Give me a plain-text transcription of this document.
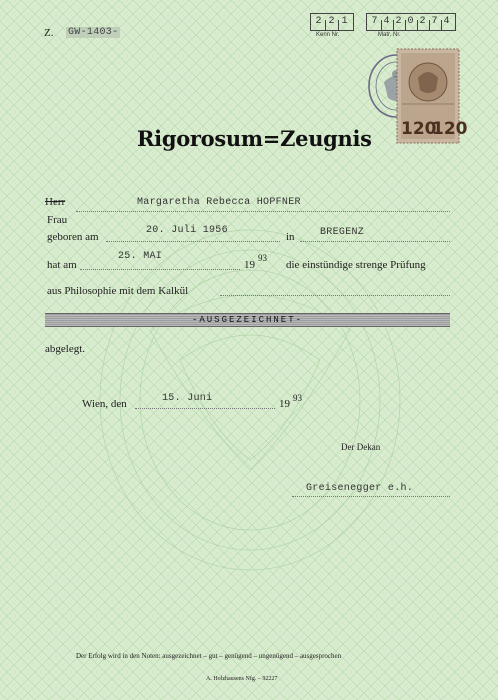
Z. GW-1403-
2 2 1
Kenn Nr.
7 4 2 0 2 7 4
Matr. Nr.
120
120
Rigorosum=Zeugnis
Herr	Margaretha Rebecca HOPFNER
Frau
geboren am
20. Juli 1956
in	BREGENZ
hat am
25. MAI
19
93
die einstündige strenge Prüfung
aus Philosophie mit dem Kalkül
-AUSGEZEICHNET-
abgelegt.
Wien, den	15. Juni	19 93
Der Dekan
Greisenegger e.h.
Der Erfolg wird in den Noten: ausgezeichnet – gut – genügend – ungenügend – ausgesprochen
A. Holzhausens Nfg. – 92227
